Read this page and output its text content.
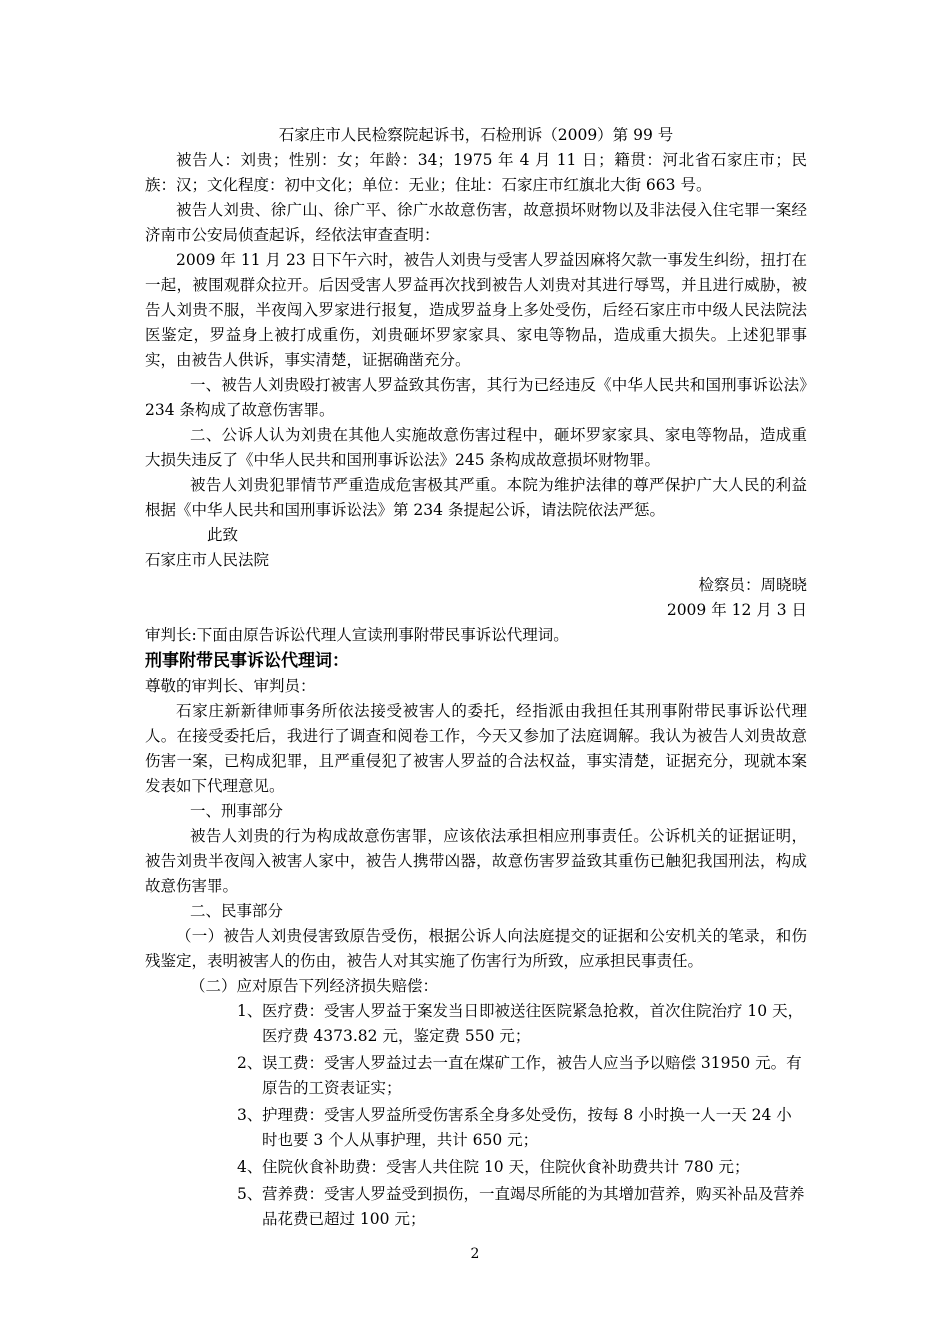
石家庄市人民检察院起诉书，石检刑诉（2009）第 99 号

被告人：刘贵；性别：女；年龄：34；1975 年 4 月 11 日；籍贯：河北省石家庄市；民族：汉；文化程度：初中文化；单位：无业；住址：石家庄市红旗北大街 663 号。

被告人刘贵、徐广山、徐广平、徐广水故意伤害，故意损坏财物以及非法侵入住宅罪一案经济南市公安局侦查起诉，经依法审查查明：

2009 年 11 月 23 日下午六时，被告人刘贵与受害人罗益因麻将欠款一事发生纠纷，扭打在一起，被围观群众拉开。后因受害人罗益再次找到被告人刘贵对其进行辱骂，并且进行威胁，被告人刘贵不服，半夜闯入罗家进行报复，造成罗益身上多处受伤，后经石家庄市中级人民法院法医鉴定，罗益身上被打成重伤，刘贵砸坏罗家家具、家电等物品，造成重大损失。上述犯罪事实，由被告人供诉，事实清楚，证据确凿充分。

一、被告人刘贵殴打被害人罗益致其伤害，其行为已经违反《中华人民共和国刑事诉讼法》234 条构成了故意伤害罪。

二、公诉人认为刘贵在其他人实施故意伤害过程中，砸坏罗家家具、家电等物品，造成重大损失违反了《中华人民共和国刑事诉讼法》245 条构成故意损坏财物罪。

被告人刘贵犯罪情节严重造成危害极其严重。本院为维护法律的尊严保护广大人民的利益根据《中华人民共和国刑事诉讼法》第 234 条提起公诉，请法院依法严惩。

此致

石家庄市人民法院

检察员：周晓晓

2009 年 12 月 3 日

审判长:下面由原告诉讼代理人宣读刑事附带民事诉讼代理词。

刑事附带民事诉讼代理词：

尊敬的审判长、审判员：

石家庄新新律师事务所依法接受被害人的委托，经指派由我担任其刑事附带民事诉讼代理人。在接受委托后，我进行了调查和阅卷工作，今天又参加了法庭调解。我认为被告人刘贵故意伤害一案，已构成犯罪，且严重侵犯了被害人罗益的合法权益，事实清楚，证据充分，现就本案发表如下代理意见。

一、刑事部分

被告人刘贵的行为构成故意伤害罪，应该依法承担相应刑事责任。公诉机关的证据证明，被告刘贵半夜闯入被害人家中，被告人携带凶器，故意伤害罗益致其重伤已触犯我国刑法，构成故意伤害罪。

二、民事部分

（一）被告人刘贵侵害致原告受伤，根据公诉人向法庭提交的证据和公安机关的笔录，和伤残鉴定，表明被害人的伤由，被告人对其实施了伤害行为所致，应承担民事责任。

（二）应对原告下列经济损失赔偿：

1、 医疗费：受害人罗益于案发当日即被送往医院紧急抢救，首次住院治疗 10 天，医疗费 4373.82 元，鉴定费 550 元；
2、 误工费：受害人罗益过去一直在煤矿工作，被告人应当予以赔偿 31950 元。有原告的工资表证实；
3、 护理费：受害人罗益所受伤害系全身多处受伤，按每 8 小时换一人一天 24 小时也要 3 个人从事护理，共计 650 元；
4、 住院伙食补助费：受害人共住院 10 天，住院伙食补助费共计 780 元；
5、 营养费：受害人罗益受到损伤，一直竭尽所能的为其增加营养，购买补品及营养品花费已超过 100 元；
2
